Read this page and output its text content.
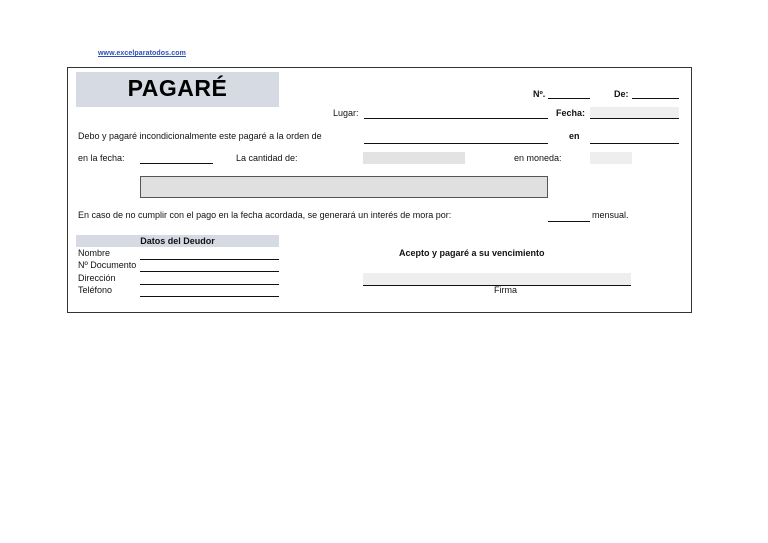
www.excelparatodos.com
PAGARÉ	Nº.	De:
Lugar:	Fecha:
Debo y pagaré incondicionalmente este pagaré a la orden de	en
en la fecha:	La cantidad de:	en moneda:
En caso de no cumplir con el pago en la fecha acordada, se generará un interés de mora por:	mensual.
Datos del Deudor
Nombre
Nº Documento
Dirección
Teléfono
Acepto y pagaré a su vencimiento
Firma
